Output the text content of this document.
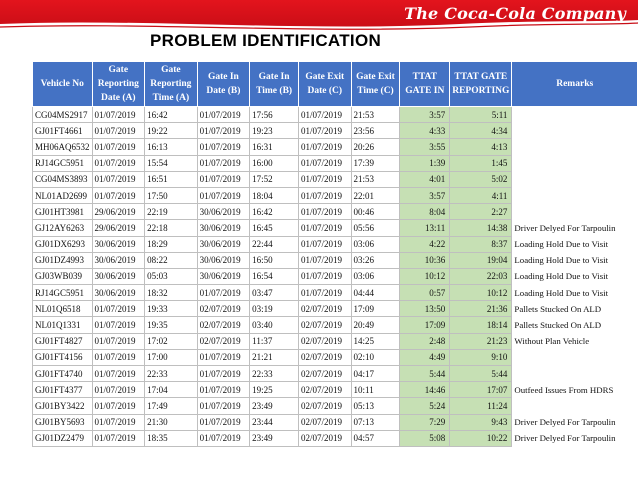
The Coca-Cola Company
PROBLEM IDENTIFICATION
Vehicle No	Gate Reporting Date (A)	Gate Reporting Time (A)	Gate In Date (B)	Gate In Time (B)	Gate Exit Date (C)	Gate Exit Time (C)	TTAT GATE IN	TTAT GATE REPORTING	Remarks
CG04MS2917	01/07/2019	16:42	01/07/2019	17:56	01/07/2019	21:53	3:57	5:11	
GJ01FT4661	01/07/2019	19:22	01/07/2019	19:23	01/07/2019	23:56	4:33	4:34	
MH06AQ6532	01/07/2019	16:13	01/07/2019	16:31	01/07/2019	20:26	3:55	4:13	
RJ14GC5951	01/07/2019	15:54	01/07/2019	16:00	01/07/2019	17:39	1:39	1:45	
CG04MS3893	01/07/2019	16:51	01/07/2019	17:52	01/07/2019	21:53	4:01	5:02	
NL01AD2699	01/07/2019	17:50	01/07/2019	18:04	01/07/2019	22:01	3:57	4:11	
GJ01HT3981	29/06/2019	22:19	30/06/2019	16:42	01/07/2019	00:46	8:04	2:27	
GJ12AY6263	29/06/2019	22:18	30/06/2019	16:45	01/07/2019	05:56	13:11	14:38	Driver Delyed For Tarpoulin
GJ01DX6293	30/06/2019	18:29	30/06/2019	22:44	01/07/2019	03:06	4:22	8:37	Loading Hold Due to Visit
GJ01DZ4993	30/06/2019	08:22	30/06/2019	16:50	01/07/2019	03:26	10:36	19:04	Loading Hold Due to Visit
GJ03WB039	30/06/2019	05:03	30/06/2019	16:54	01/07/2019	03:06	10:12	22:03	Loading Hold Due to Visit
RJ14GC5951	30/06/2019	18:32	01/07/2019	03:47	01/07/2019	04:44	0:57	10:12	Loading Hold Due to Visit
NL01Q6518	01/07/2019	19:33	02/07/2019	03:19	02/07/2019	17:09	13:50	21:36	Pallets Stucked On ALD
NL01Q1331	01/07/2019	19:35	02/07/2019	03:40	02/07/2019	20:49	17:09	18:14	Pallets Stucked On ALD
GJ01FT4827	01/07/2019	17:02	02/07/2019	11:37	02/07/2019	14:25	2:48	21:23	Without Plan Vehicle
GJ01FT4156	01/07/2019	17:00	01/07/2019	21:21	02/07/2019	02:10	4:49	9:10	
GJ01FT4740	01/07/2019	22:33	01/07/2019	22:33	02/07/2019	04:17	5:44	5:44	
GJ01FT4377	01/07/2019	17:04	01/07/2019	19:25	02/07/2019	10:11	14:46	17:07	Outfeed Issues From HDRS
GJ01BY3422	01/07/2019	17:49	01/07/2019	23:49	02/07/2019	05:13	5:24	11:24	
GJ01BY5693	01/07/2019	21:30	01/07/2019	23:44	02/07/2019	07:13	7:29	9:43	Driver Delyed For Tarpoulin
GJ01DZ2479	01/07/2019	18:35	01/07/2019	23:49	02/07/2019	04:57	5:08	10:22	Driver Delyed For Tarpoulin
